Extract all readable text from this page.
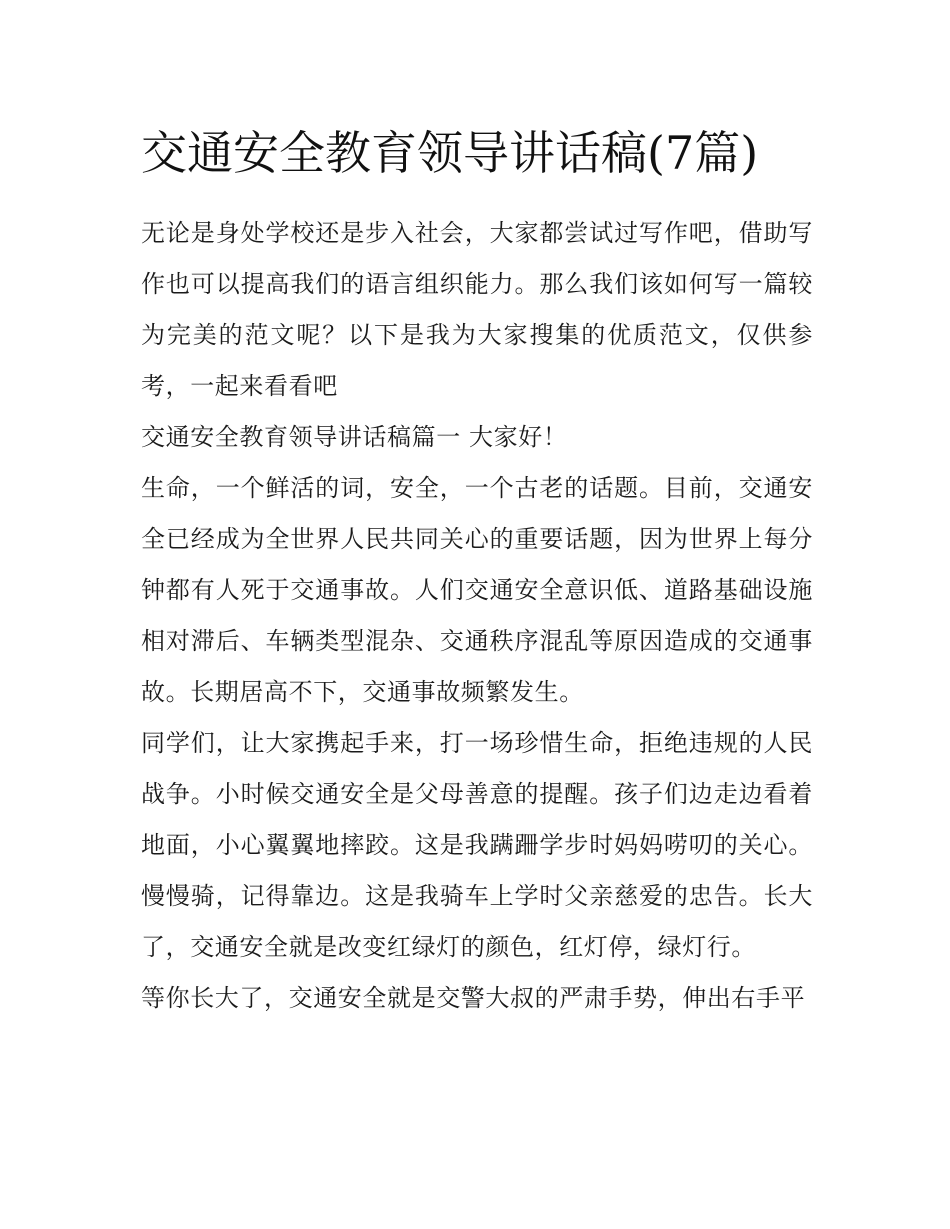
交通安全教育领导讲话稿(7篇)

无论是身处学校还是步入社会，大家都尝试过写作吧，借助写作也可以提高我们的语言组织能力。那么我们该如何写一篇较为完美的范文呢？以下是我为大家搜集的优质范文，仅供参考，一起来看看吧

交通安全教育领导讲话稿篇一 大家好！

生命，一个鲜活的词，安全，一个古老的话题。目前，交通安全已经成为全世界人民共同关心的重要话题，因为世界上每分钟都有人死于交通事故。人们交通安全意识低、道路基础设施相对滞后、车辆类型混杂、交通秩序混乱等原因造成的交通事故。长期居高不下，交通事故频繁发生。

同学们，让大家携起手来，打一场珍惜生命，拒绝违规的人民战争。小时候交通安全是父母善意的提醒。孩子们边走边看着地面，小心翼翼地摔跤。这是我蹒跚学步时妈妈唠叨的关心。慢慢骑，记得靠边。这是我骑车上学时父亲慈爱的忠告。长大了，交通安全就是改变红绿灯的颜色，红灯停，绿灯行。

等你长大了，交通安全就是交警大叔的严肃手势，伸出右手平
